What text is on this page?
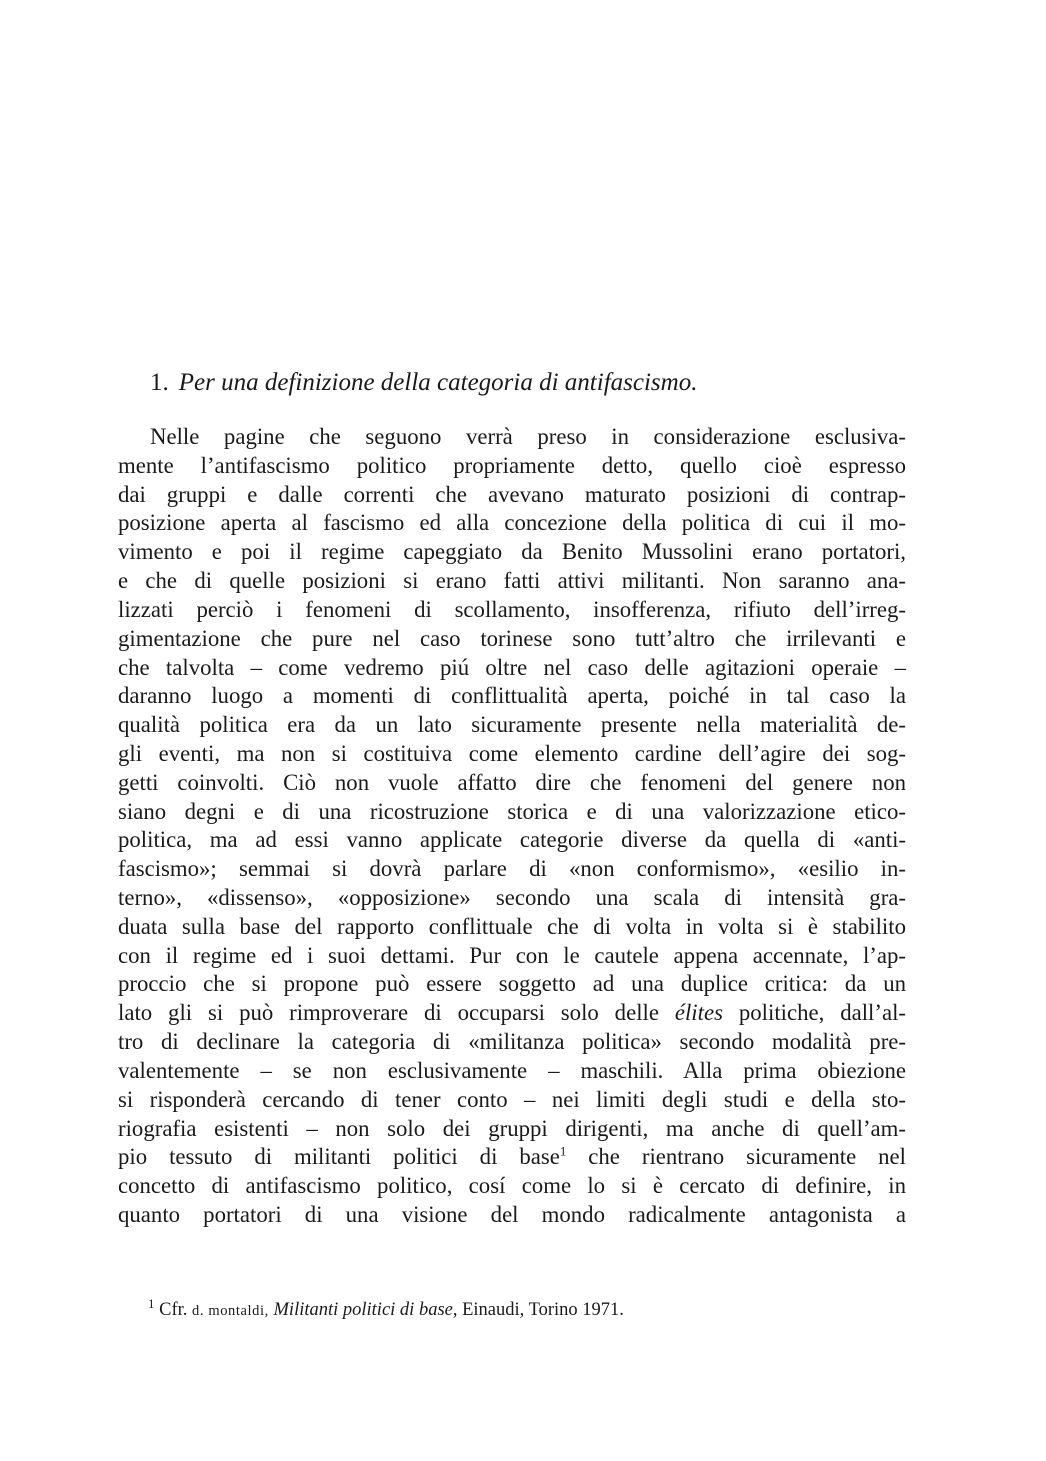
1. Per una definizione della categoria di antifascismo.
Nelle pagine che seguono verrà preso in considerazione esclusiva-
mente l’antifascismo politico propriamente detto, quello cioè espresso
dai gruppi e dalle correnti che avevano maturato posizioni di contrap-
posizione aperta al fascismo ed alla concezione della politica di cui il mo-
vimento e poi il regime capeggiato da Benito Mussolini erano portatori,
e che di quelle posizioni si erano fatti attivi militanti. Non saranno ana-
lizzati perciò i fenomeni di scollamento, insofferenza, rifiuto dell’irreg-
gimentazione che pure nel caso torinese sono tutt’altro che irrilevanti e
che talvolta – come vedremo piú oltre nel caso delle agitazioni operaie –
daranno luogo a momenti di conflittualità aperta, poiché in tal caso la
qualità politica era da un lato sicuramente presente nella materialità de-
gli eventi, ma non si costituiva come elemento cardine dell’agire dei sog-
getti coinvolti. Ciò non vuole affatto dire che fenomeni del genere non
siano degni e di una ricostruzione storica e di una valorizzazione etico-
politica, ma ad essi vanno applicate categorie diverse da quella di «anti-
fascismo»; semmai si dovrà parlare di «non conformismo», «esilio in-
terno», «dissenso», «opposizione» secondo una scala di intensità gra-
duata sulla base del rapporto conflittuale che di volta in volta si è stabilito
con il regime ed i suoi dettami. Pur con le cautele appena accennate, l’ap-
proccio che si propone può essere soggetto ad una duplice critica: da un
lato gli si può rimproverare di occuparsi solo delle élites politiche, dall’al-
tro di declinare la categoria di «militanza politica» secondo modalità pre-
valentemente – se non esclusivamente – maschili. Alla prima obiezione
si risponderà cercando di tener conto – nei limiti degli studi e della sto-
riografia esistenti – non solo dei gruppi dirigenti, ma anche di quell’am-
pio tessuto di militanti politici di base$^1$ che rientrano sicuramente nel
concetto di antifascismo politico, cosí come lo si è cercato di definire, in
quanto portatori di una visione del mondo radicalmente antagonista a
$^1$ Cfr. d. montaldi, Militanti politici di base, Einaudi, Torino 1971.
